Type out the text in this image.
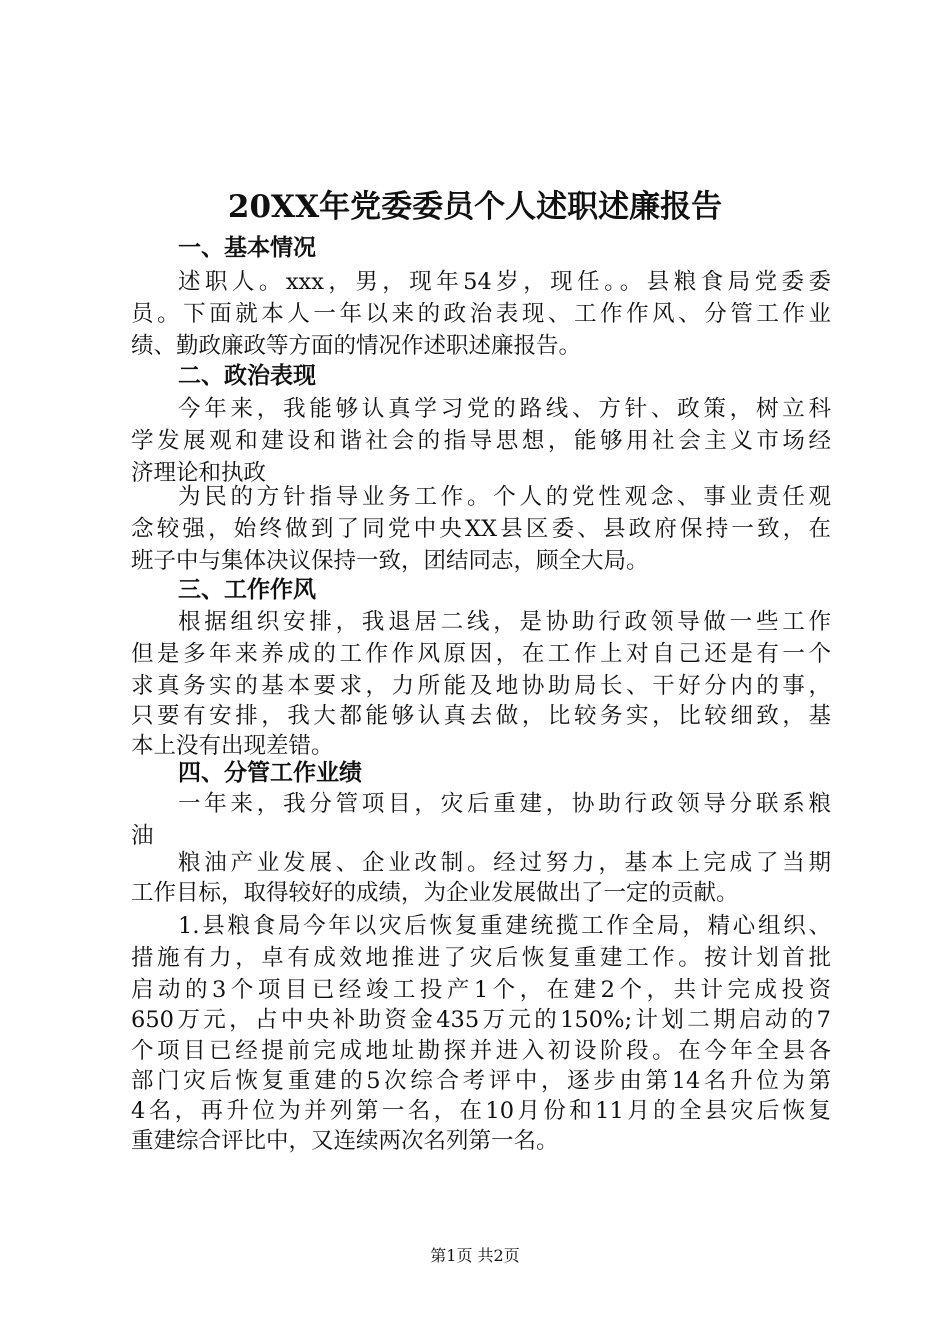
20XX年党委委员个人述职述廉报告
一、基本情况
述职人。xxx，男，现年54岁，现任。。县粮食局党委委
员。下面就本人一年以来的政治表现、工作作风、分管工作业
绩、勤政廉政等方面的情况作述职述廉报告。
二、政治表现
今年来，我能够认真学习党的路线、方针、政策，树立科
学发展观和建设和谐社会的指导思想，能够用社会主义市场经
济理论和执政
为民的方针指导业务工作。个人的党性观念、事业责任观
念较强，始终做到了同党中央XX县区委、县政府保持一致，在
班子中与集体决议保持一致，团结同志，顾全大局。
三、工作作风
根据组织安排，我退居二线，是协助行政领导做一些工作
但是多年来养成的工作作风原因，在工作上对自己还是有一个
求真务实的基本要求，力所能及地协助局长、干好分内的事，
只要有安排，我大都能够认真去做，比较务实，比较细致，基
本上没有出现差错。
四、分管工作业绩
一年来，我分管项目，灾后重建，协助行政领导分联系粮
油
粮油产业发展、企业改制。经过努力，基本上完成了当期
工作目标，取得较好的成绩，为企业发展做出了一定的贡献。
1.县粮食局今年以灾后恢复重建统揽工作全局，精心组织、
措施有力，卓有成效地推进了灾后恢复重建工作。按计划首批
启动的3个项目已经竣工投产1个，在建2个，共计完成投资
650万元，占中央补助资金435万元的150%;计划二期启动的7
个项目已经提前完成地址勘探并进入初设阶段。在今年全县各
部门灾后恢复重建的5次综合考评中，逐步由第14名升位为第
4名，再升位为并列第一名，在10月份和11月的全县灾后恢复
重建综合评比中，又连续两次名列第一名。
第1页 共2页
